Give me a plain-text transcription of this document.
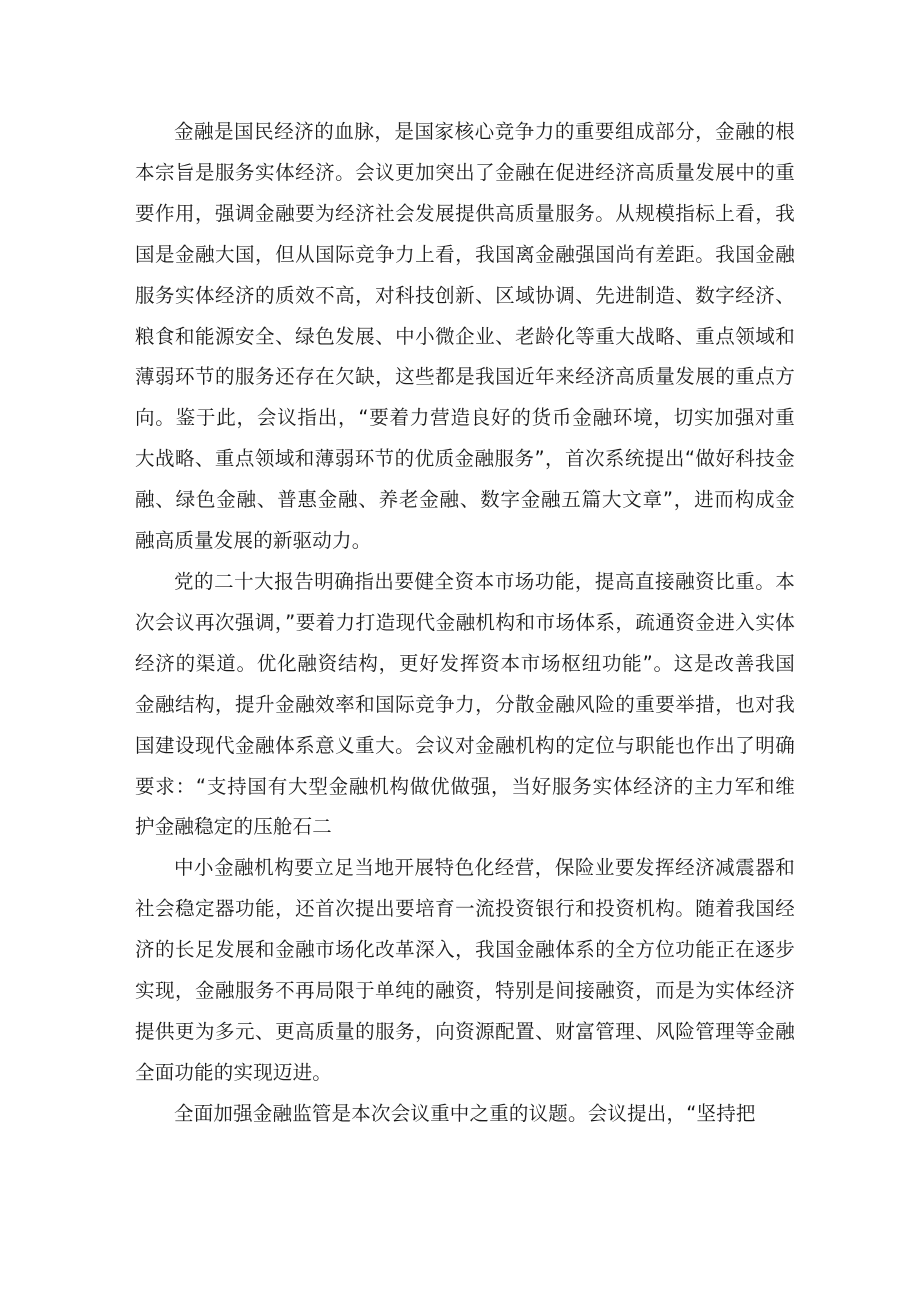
金融是国民经济的血脉，是国家核心竞争力的重要组成部分，金融的根本宗旨是服务实体经济。会议更加突出了金融在促进经济高质量发展中的重要作用，强调金融要为经济社会发展提供高质量服务。从规模指标上看，我国是金融大国，但从国际竞争力上看，我国离金融强国尚有差距。我国金融服务实体经济的质效不高，对科技创新、区域协调、先进制造、数字经济、粮食和能源安全、绿色发展、中小微企业、老龄化等重大战略、重点领域和薄弱环节的服务还存在欠缺，这些都是我国近年来经济高质量发展的重点方向。鉴于此，会议指出，“要着力营造良好的货币金融环境，切实加强对重大战略、重点领域和薄弱环节的优质金融服务”，首次系统提出“做好科技金融、绿色金融、普惠金融、养老金融、数字金融五篇大文章”，进而构成金融高质量发展的新驱动力。

党的二十大报告明确指出要健全资本市场功能，提高直接融资比重。本次会议再次强调，”要着力打造现代金融机构和市场体系，疏通资金进入实体经济的渠道。优化融资结构，更好发挥资本市场枢纽功能”。这是改善我国金融结构，提升金融效率和国际竞争力，分散金融风险的重要举措，也对我国建设现代金融体系意义重大。会议对金融机构的定位与职能也作出了明确要求：“支持国有大型金融机构做优做强，当好服务实体经济的主力军和维护金融稳定的压舱石二

中小金融机构要立足当地开展特色化经营，保险业要发挥经济减震器和社会稳定器功能，还首次提出要培育一流投资银行和投资机构。随着我国经济的长足发展和金融市场化改革深入，我国金融体系的全方位功能正在逐步实现，金融服务不再局限于单纯的融资，特别是间接融资，而是为实体经济提供更为多元、更高质量的服务，向资源配置、财富管理、风险管理等金融全面功能的实现迈进。

全面加强金融监管是本次会议重中之重的议题。会议提出，“坚持把
